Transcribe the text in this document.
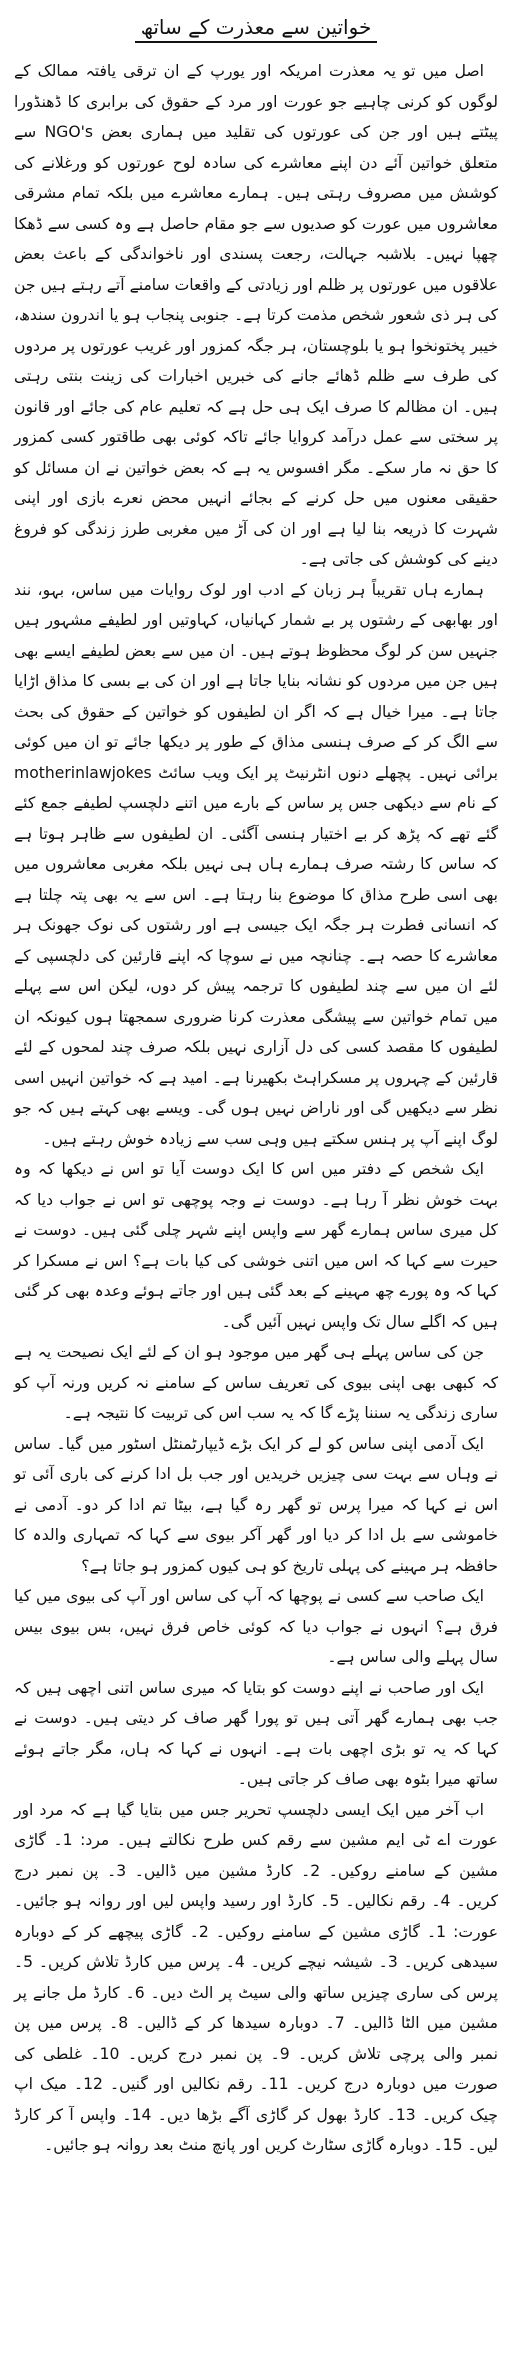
خواتین سے معذرت کے ساتھ

اصل میں تو یہ معذرت امریکہ اور یورپ کے ان ترقی یافتہ ممالک کے لوگوں کو کرنی چاہیے جو عورت اور مرد کے حقوق کی برابری کا ڈھنڈورا پیٹتے ہیں اور جن کی عورتوں کی تقلید میں ہماری بعض NGO's سے متعلق خواتین آئے دن اپنے معاشرے کی سادہ لوح عورتوں کو ورغلانے کی کوشش میں مصروف رہتی ہیں۔ ہمارے معاشرے میں بلکہ تمام مشرقی معاشروں میں عورت کو صدیوں سے جو مقام حاصل ہے وہ کسی سے ڈھکا چھپا نہیں۔ بلاشبہ جہالت، رجعت پسندی اور ناخواندگی کے باعث بعض علاقوں میں عورتوں پر ظلم اور زیادتی کے واقعات سامنے آتے رہتے ہیں جن کی ہر ذی شعور شخص مذمت کرتا ہے۔ جنوبی پنجاب ہو یا اندرون سندھ، خیبر پختونخوا ہو یا بلوچستان، ہر جگہ کمزور اور غریب عورتوں پر مردوں کی طرف سے ظلم ڈھائے جانے کی خبریں اخبارات کی زینت بنتی رہتی ہیں۔ ان مظالم کا صرف ایک ہی حل ہے کہ تعلیم عام کی جائے اور قانون پر سختی سے عمل درآمد کروایا جائے تاکہ کوئی بھی طاقتور کسی کمزور کا حق نہ مار سکے۔ مگر افسوس یہ ہے کہ بعض خواتین نے ان مسائل کو حقیقی معنوں میں حل کرنے کے بجائے انہیں محض نعرے بازی اور اپنی شہرت کا ذریعہ بنا لیا ہے اور ان کی آڑ میں مغربی طرز زندگی کو فروغ دینے کی کوشش کی جاتی ہے۔

ہمارے ہاں تقریباً ہر زبان کے ادب اور لوک روایات میں ساس، بہو، نند اور بھابھی کے رشتوں پر بے شمار کہانیاں، کہاوتیں اور لطیفے مشہور ہیں جنہیں سن کر لوگ محظوظ ہوتے ہیں۔ ان میں سے بعض لطیفے ایسے بھی ہیں جن میں مردوں کو نشانہ بنایا جاتا ہے اور ان کی بے بسی کا مذاق اڑایا جاتا ہے۔ میرا خیال ہے کہ اگر ان لطیفوں کو خواتین کے حقوق کی بحث سے الگ کر کے صرف ہنسی مذاق کے طور پر دیکھا جائے تو ان میں کوئی برائی نہیں۔ پچھلے دنوں انٹرنیٹ پر ایک ویب سائٹ motherinlawjokes کے نام سے دیکھی جس پر ساس کے بارے میں اتنے دلچسپ لطیفے جمع کئے گئے تھے کہ پڑھ کر بے اختیار ہنسی آگئی۔ ان لطیفوں سے ظاہر ہوتا ہے کہ ساس کا رشتہ صرف ہمارے ہاں ہی نہیں بلکہ مغربی معاشروں میں بھی اسی طرح مذاق کا موضوع بنا رہتا ہے۔ اس سے یہ بھی پتہ چلتا ہے کہ انسانی فطرت ہر جگہ ایک جیسی ہے اور رشتوں کی نوک جھونک ہر معاشرے کا حصہ ہے۔ چنانچہ میں نے سوچا کہ اپنے قارئین کی دلچسپی کے لئے ان میں سے چند لطیفوں کا ترجمہ پیش کر دوں، لیکن اس سے پہلے میں تمام خواتین سے پیشگی معذرت کرنا ضروری سمجھتا ہوں کیونکہ ان لطیفوں کا مقصد کسی کی دل آزاری نہیں بلکہ صرف چند لمحوں کے لئے قارئین کے چہروں پر مسکراہٹ بکھیرنا ہے۔ امید ہے کہ خواتین انہیں اسی نظر سے دیکھیں گی اور ناراض نہیں ہوں گی۔ ویسے بھی کہتے ہیں کہ جو لوگ اپنے آپ پر ہنس سکتے ہیں وہی سب سے زیادہ خوش رہتے ہیں۔

ایک شخص کے دفتر میں اس کا ایک دوست آیا تو اس نے دیکھا کہ وہ بہت خوش نظر آ رہا ہے۔ دوست نے وجہ پوچھی تو اس نے جواب دیا کہ کل میری ساس ہمارے گھر سے واپس اپنے شہر چلی گئی ہیں۔ دوست نے حیرت سے کہا کہ اس میں اتنی خوشی کی کیا بات ہے؟ اس نے مسکرا کر کہا کہ وہ پورے چھ مہینے کے بعد گئی ہیں اور جاتے ہوئے وعدہ بھی کر گئی ہیں کہ اگلے سال تک واپس نہیں آئیں گی۔

جن کی ساس پہلے ہی گھر میں موجود ہو ان کے لئے ایک نصیحت یہ ہے کہ کبھی بھی اپنی بیوی کی تعریف ساس کے سامنے نہ کریں ورنہ آپ کو ساری زندگی یہ سننا پڑے گا کہ یہ سب اس کی تربیت کا نتیجہ ہے۔

ایک آدمی اپنی ساس کو لے کر ایک بڑے ڈیپارٹمنٹل اسٹور میں گیا۔ ساس نے وہاں سے بہت سی چیزیں خریدیں اور جب بل ادا کرنے کی باری آئی تو اس نے کہا کہ میرا پرس تو گھر رہ گیا ہے، بیٹا تم ادا کر دو۔ آدمی نے خاموشی سے بل ادا کر دیا اور گھر آکر بیوی سے کہا کہ تمہاری والدہ کا حافظہ ہر مہینے کی پہلی تاریخ کو ہی کیوں کمزور ہو جاتا ہے؟

ایک صاحب سے کسی نے پوچھا کہ آپ کی ساس اور آپ کی بیوی میں کیا فرق ہے؟ انہوں نے جواب دیا کہ کوئی خاص فرق نہیں، بس بیوی بیس سال پہلے والی ساس ہے۔

ایک اور صاحب نے اپنے دوست کو بتایا کہ میری ساس اتنی اچھی ہیں کہ جب بھی ہمارے گھر آتی ہیں تو پورا گھر صاف کر دیتی ہیں۔ دوست نے کہا کہ یہ تو بڑی اچھی بات ہے۔ انہوں نے کہا کہ ہاں، مگر جاتے ہوئے ساتھ میرا بٹوہ بھی صاف کر جاتی ہیں۔

اب آخر میں ایک ایسی دلچسپ تحریر جس میں بتایا گیا ہے کہ مرد اور عورت اے ٹی ایم مشین سے رقم کس طرح نکالتے ہیں۔ مرد: 1۔ گاڑی مشین کے سامنے روکیں۔ 2۔ کارڈ مشین میں ڈالیں۔ 3۔ پن نمبر درج کریں۔ 4۔ رقم نکالیں۔ 5۔ کارڈ اور رسید واپس لیں اور روانہ ہو جائیں۔ عورت: 1۔ گاڑی مشین کے سامنے روکیں۔ 2۔ گاڑی پیچھے کر کے دوبارہ سیدھی کریں۔ 3۔ شیشہ نیچے کریں۔ 4۔ پرس میں کارڈ تلاش کریں۔ 5۔ پرس کی ساری چیزیں ساتھ والی سیٹ پر الٹ دیں۔ 6۔ کارڈ مل جانے پر مشین میں الٹا ڈالیں۔ 7۔ دوبارہ سیدھا کر کے ڈالیں۔ 8۔ پرس میں پن نمبر والی پرچی تلاش کریں۔ 9۔ پن نمبر درج کریں۔ 10۔ غلطی کی صورت میں دوبارہ درج کریں۔ 11۔ رقم نکالیں اور گنیں۔ 12۔ میک اپ چیک کریں۔ 13۔ کارڈ بھول کر گاڑی آگے بڑھا دیں۔ 14۔ واپس آ کر کارڈ لیں۔ 15۔ دوبارہ گاڑی سٹارٹ کریں اور پانچ منٹ بعد روانہ ہو جائیں۔
